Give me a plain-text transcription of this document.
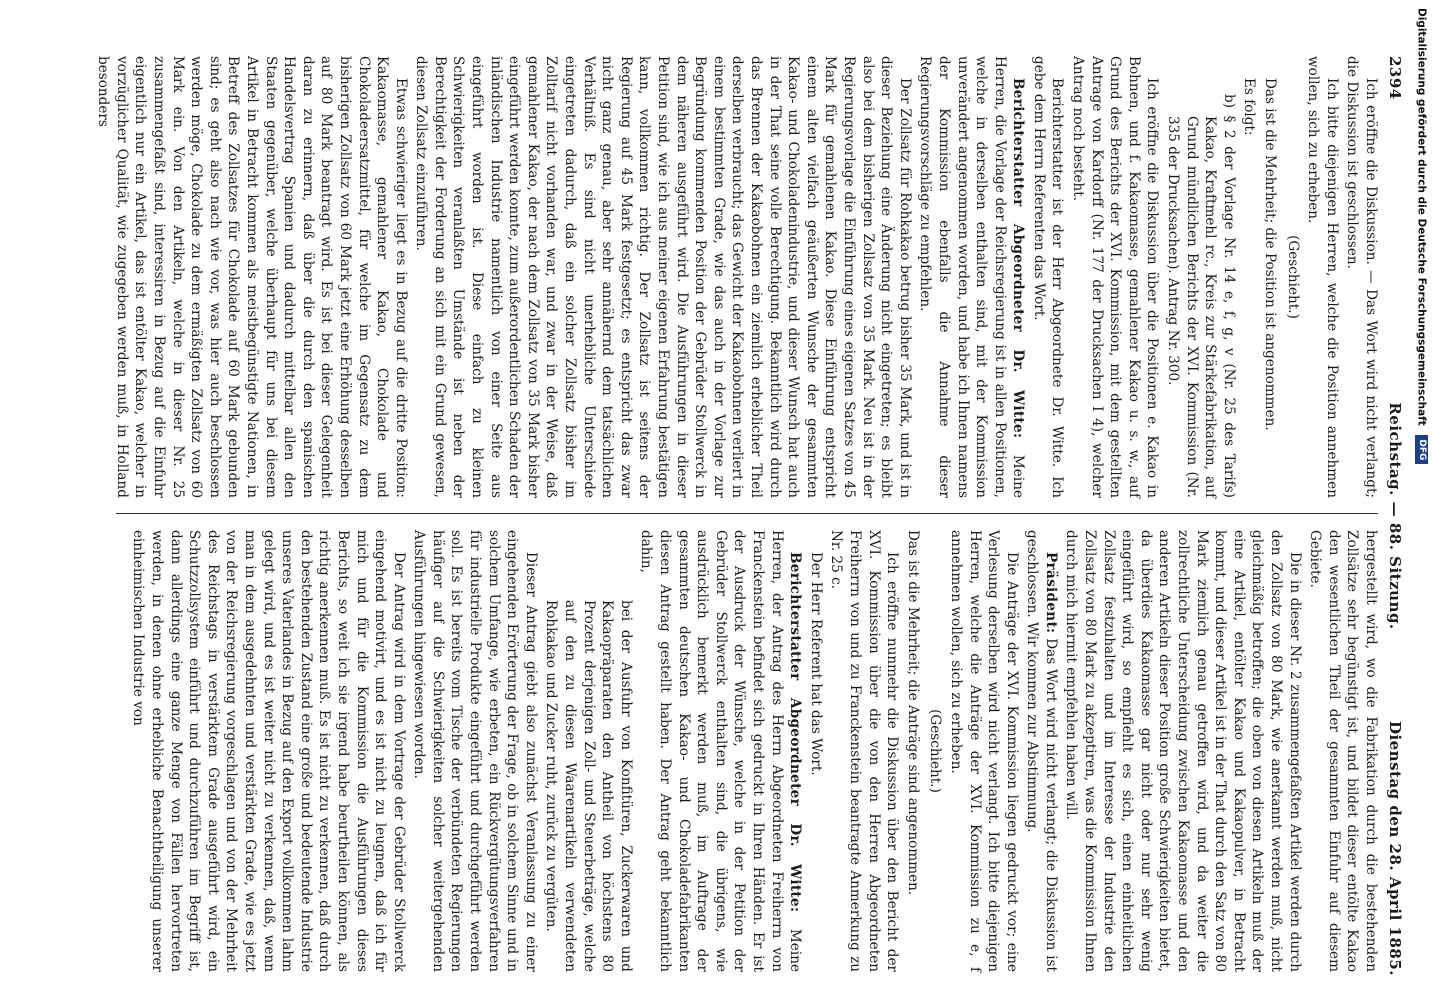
2394
Reichstag. — 88. Sitzung.
Dienstag den 28. April 1885.

Ich eröffne die Diskussion. — Das Wort wird nicht verlangt; die Diskussion ist geschlossen.

Ich bitte diejenigen Herren, welche die Position annehmen wollen, sich zu erheben.

(Geschieht.)

Das ist die Mehrheit; die Position ist angenommen.

Es folgt:

b) § 2 der Vorlage Nr. 14 e, f, g, v (Nr. 25 des Tarifs) Kakao, Kraftmehl rc., Kreis zur Stärkefabrikation, auf Grund mündlichen Berichts der XVI. Kommission (Nr. 335 der Drucksachen). Antrag Nr. 300.

Ich eröffne die Diskussion über die Positionen e. Kakao in Bohnen, und f. Kakaomasse, gemahlener Kakao u. s. w., auf Grund des Berichts der XVI. Kommission, mit dem gestellten Antrage von Kardorff (Nr. 177 der Drucksachen I 4), welcher Antrag noch besteht.

Berichterstatter ist der Herr Abgeordnete Dr. Witte. Ich gebe dem Herrn Referenten das Wort.

Berichterstatter Abgeordneter Dr. Witte: Meine Herren, die Vorlage der Reichsregierung ist in allen Positionen, welche in derselben enthalten sind, mit der Kommission unverändert angenommen worden, und habe ich Ihnen namens der Kommission ebenfalls die Annahme dieser Regierungsvorschläge zu empfehlen.

Der Zollsatz für Rohkakao betrug bisher 35 Mark, und ist in dieser Beziehung eine Änderung nicht eingetreten; es bleibt also bei dem bisherigen Zollsatz von 35 Mark. Neu ist in der Regierungsvorlage die Einführung eines eigenen Satzes von 45 Mark für gemahlenen Kakao. Diese Einführung entspricht einem alten vielfach geäußerten Wunsche der gesammten Kakao- und Chokoladenindustrie, und dieser Wunsch hat auch in der That seine volle Berechtigung. Bekanntlich wird durch das Brennen der Kakaobohnen ein ziemlich erheblicher Theil derselben verbraucht; das Gewicht der Kakaobohnen verliert in einem bestimmten Grade, wie das auch in der Vorlage zur Begründung kommenden Position der Gebrüder Stollwerck in dem näheren ausgeführt wird. Die Ausführungen in dieser Petition sind, wie ich aus meiner eigenen Erfahrung bestätigen kann, vollkommen richtig. Der Zollsatz ist seitens der Regierung auf 45 Mark festgesetzt; es entspricht das zwar nicht ganz genau, aber sehr annähernd dem tatsächlichen Verhältniß. Es sind nicht unerhebliche Unterschiede eingetreten dadurch, daß ein solcher Zollsatz bisher im Zolltarif nicht vorhanden war, und zwar in der Weise, daß gemahlener Kakao, der nach dem Zollsatz von 35 Mark bisher eingeführt werden konnte, zum außerordentlichen Schaden der inländischen Industrie namentlich von einer Seite aus eingeführt worden ist. Diese einfach zu kleinen Schwierigkeiten veranlaßten Umstände ist neben der Berechtigkeit der Forderung an sich mit ein Grund gewesen, diesen Zollsatz einzuführen.

Etwas schwieriger liegt es in Bezug auf die dritte Position: Kakaomasse, gemahlener Kakao, Chokolade und Chokoladeersatzmittel, für welche im Gegensatz zu dem bisherigen Zollsatz von 60 Mark jetzt eine Erhöhung desselben auf 80 Mark beantragt wird. Es ist bei dieser Gelegenheit daran zu erinnern, daß über die durch den spanischen Handelsvertrag Spanien und dadurch mittelbar allen den Staaten gegenüber, welche überhaupt für uns bei diesem Artikel in Betracht kommen als meistbegünstigte Nationen, in Betreff des Zollsatzes für Chokolade auf 60 Mark gebunden sind; es geht also nach wie vor, was hier auch beschlossen werden möge, Chokolade zu dem ermäßigten Zollsatz von 60 Mark ein. Von den Artikeln, welche in dieser Nr. 25 zusammengefaßt sind, interessiren in Bezug auf die Einfuhr eigentlich nur ein Artikel, das ist entölter Kakao, welcher in vorzüglicher Qualität, wie zugegeben werden muß, in Holland besonders

hergestellt wird, wo die Fabrikation durch die bestehenden Zollsätze sehr begünstigt ist, und bildet dieser entölte Kakao den wesentlichen Theil der gesammten Einfuhr auf diesem Gebiete.

Die in dieser Nr. 2 zusammengefaßten Artikel werden durch den Zollsatz von 80 Mark, wie anerkannt werden muß, nicht gleichmäßig betroffen; die oben von diesen Artikeln muß der eine Artikel, entölter Kakao und Kakaopulver, in Betracht kommt, und dieser Artikel ist in der That durch den Satz von 80 Mark ziemlich genau getroffen wird, und da weiter die zollrechtliche Unterscheidung zwischen Kakaomasse und den anderen Artikeln dieser Position große Schwierigkeiten bietet, da überdies Kakaomasse gar nicht oder nur sehr wenig eingeführt wird, so empfiehlt es sich, einen einheitlichen Zollsatz festzuhalten und im Interesse der Industrie den Zollsatz von 80 Mark zu akzeptiren, was die Kommission Ihnen durch mich hiermit empfehlen haben will.

Präsident: Das Wort wird nicht verlangt; die Diskussion ist geschlossen. Wir kommen zur Abstimmung.

Die Anträge der XVI. Kommission liegen gedruckt vor; eine Verlesung derselben wird nicht verlangt. Ich bitte diejenigen Herren, welche die Anträge der XVI. Kommission zu e, f annehmen wollen, sich zu erheben.

(Geschieht.)

Das ist die Mehrheit; die Anträge sind angenommen.

Ich eröffne nunmehr die Diskussion über den Bericht der XVI. Kommission über die von den Herren Abgeordneten Freiherrn von und zu Franckenstein beantragte Anmerkung zu Nr. 25 c.

Der Herr Referent hat das Wort.

Berichterstatter Abgeordneter Dr. Witte: Meine Herren, der Antrag des Herrn Abgeordneten Freiherrn von Franckenstein befindet sich gedruckt in Ihren Händen. Er ist der Ausdruck der Wünsche, welche in der Petition der Gebrüder Stollwerck enthalten sind, die übrigens, wie ausdrücklich bemerkt werden muß, im Auftrage der gesammten deutschen Kakao- und Chokoladefabrikanten diesen Antrag gestellt haben. Der Antrag geht bekanntlich dahin,

bei der Ausfuhr von Konfitüren, Zuckerwaren und Kakaopräparaten den Antheil von höchstens 80 Prozent derjenigen Zoll- und Steuerbeträge, welche auf den zu diesen Waarenartikeln verwendeten Rohkakao und Zucker ruht, zurück zu vergüten.

Dieser Antrag giebt also zunächst Veranlassung zu einer eingehenden Erörterung der Frage, ob in solchem Sinne und in solchem Umfange, wie erbeten, ein Rückvergütungsverfahren für industrielle Produkte eingeführt und durchgeführt werden soll. Es ist bereits vom Tische der verbündeten Regierungen häufiger auf die Schwierigkeiten solcher weitergehenden Ausführungen hingewiesen worden.

Der Antrag wird in dem Vortrage der Gebrüder Stollwerck eingehend motivirt, und es ist nicht zu leugnen, daß ich für mich und für die Kommission die Ausführungen dieses Berichts, so weit ich sie irgend habe beurtheilen können, als richtig anerkennen muß. Es ist nicht zu verkennen, daß durch den bestehenden Zustand eine große und bedeutende Industrie unseres Vaterlandes in Bezug auf den Export vollkommen lahm gelegt wird, und es ist weiter nicht zu verkennen, daß, wenn man in dem ausgedehnten und verstärkten Grade, wie es jetzt von der Reichsregierung vorgeschlagen und von der Mehrheit des Reichstags in verstärktem Grade ausgeführt wird, ein Schutzzollsystem einführt und durchzuführen im Begriff ist, dann allerdings eine ganze Menge von Fällen hervortreten werden, in denen ohne erhebliche Benachtheiligung unserer einheimischen Industrie von

Digitalisierung gefördert durch die Deutsche Forschungsgemeinschaft DFG
